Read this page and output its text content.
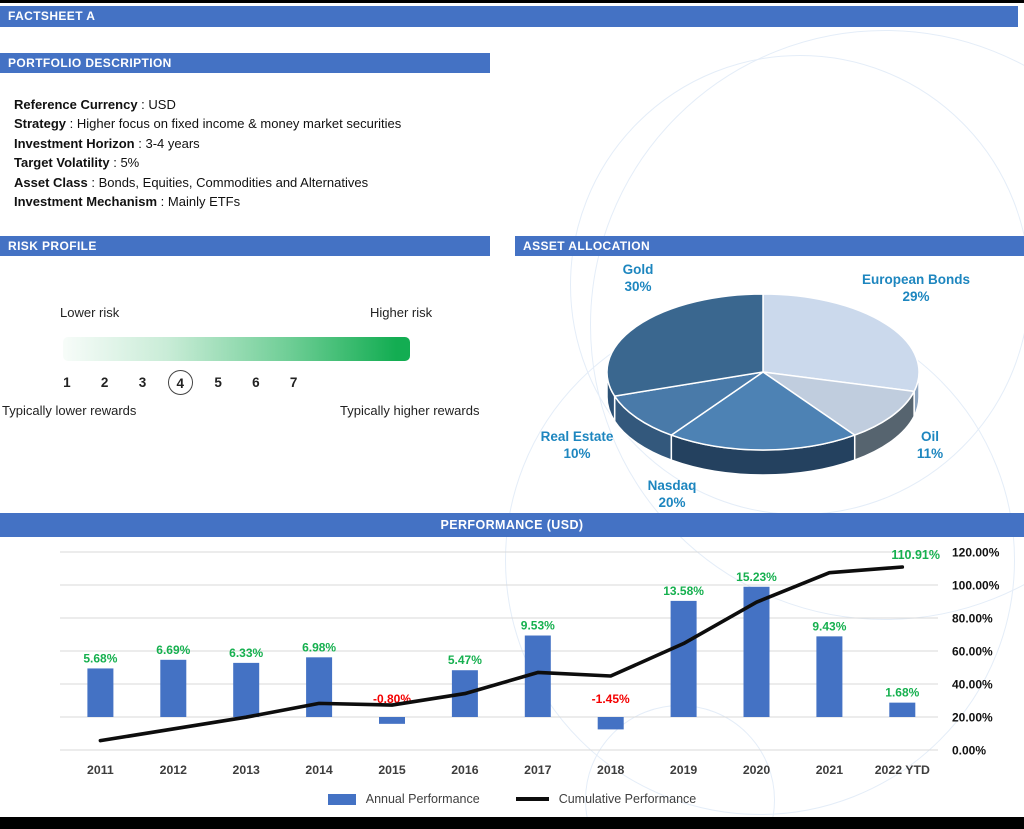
FACTSHEET A
PORTFOLIO DESCRIPTION
Reference Currency : USD
Strategy : Higher focus on fixed income & money market securities
Investment Horizon : 3-4 years
Target Volatility : 5%
Asset Class : Bonds, Equities, Commodities and Alternatives
Investment Mechanism : Mainly ETFs
RISK PROFILE
Lower risk	Higher risk
1	2	3	4	5	6	7
Typically lower rewards	Typically higher rewards
ASSET ALLOCATION
European Bonds
29%
Oil
11%
Nasdaq
20%
Real Estate
10%
Gold
30%
PERFORMANCE (USD)
120.00%
100.00%
80.00%
60.00%
40.00%
20.00%
0.00%
5.68%
6.69%	6.33%	6.98%
-0.80%
5.47%
9.53%
-1.45%
13.58%
15.23%
9.43%
1.68%
110.91%
2011	2012	2013	2014	2015	2016	2017	2018	2019	2020	2021	2022 YTD
Annual Performance	Cumulative Performance
